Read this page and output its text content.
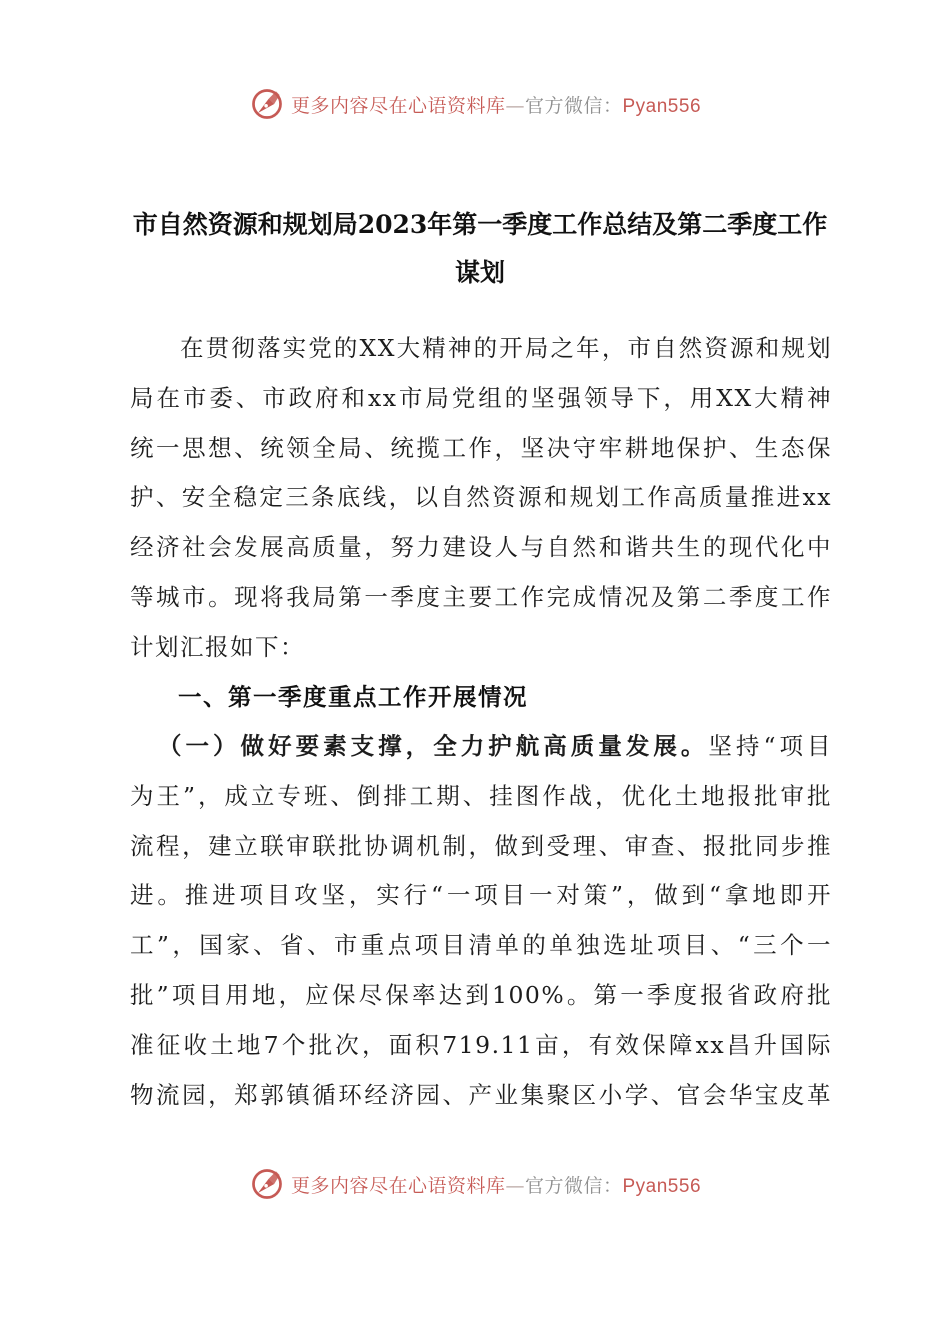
更多内容尽在心语资料库—官方微信：Pyan556
市自然资源和规划局2023年第一季度工作总结及第二季度工作
谋划
在贯彻落实党的XX大精神的开局之年，市自然资源和规划
局在市委、市政府和xx市局党组的坚强领导下，用XX大精神
统一思想、统领全局、统揽工作，坚决守牢耕地保护、生态保
护、安全稳定三条底线，以自然资源和规划工作高质量推进xx
经济社会发展高质量，努力建设人与自然和谐共生的现代化中
等城市。现将我局第一季度主要工作完成情况及第二季度工作
计划汇报如下：
一、第一季度重点工作开展情况
（一）做好要素支撑，全力护航高质量发展。坚持“项目
为王”，成立专班、倒排工期、挂图作战，优化土地报批审批
流程，建立联审联批协调机制，做到受理、审查、报批同步推
进。推进项目攻坚，实行“一项目一对策”，做到“拿地即开
工”，国家、省、市重点项目清单的单独选址项目、“三个一
批”项目用地，应保尽保率达到100%。第一季度报省政府批
准征收土地7个批次，面积719.11亩，有效保障xx昌升国际
物流园，郑郭镇循环经济园、产业集聚区小学、官会华宝皮革
更多内容尽在心语资料库—官方微信：Pyan556
